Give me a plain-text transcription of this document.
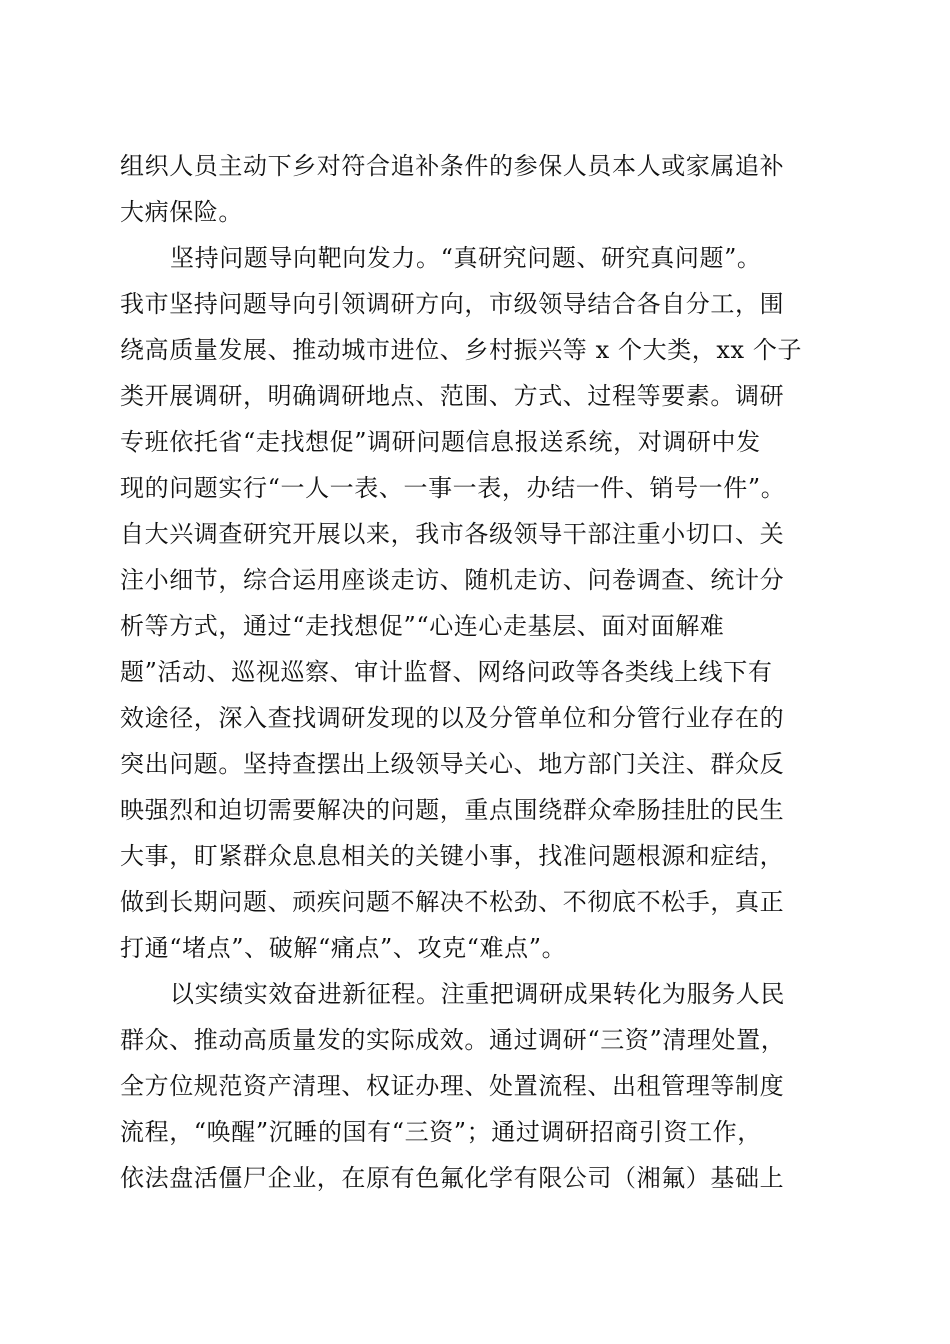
组织人员主动下乡对符合追补条件的参保人员本人或家属追补
大病保险。

坚持问题导向靶向发力。“真研究问题、研究真问题”。
我市坚持问题导向引领调研方向，市级领导结合各自分工，围
绕高质量发展、推动城市进位、乡村振兴等 x 个大类，xx 个子
类开展调研，明确调研地点、范围、方式、过程等要素。调研
专班依托省“走找想促”调研问题信息报送系统，对调研中发
现的问题实行“一人一表、一事一表，办结一件、销号一件”。
自大兴调查研究开展以来，我市各级领导干部注重小切口、关
注小细节，综合运用座谈走访、随机走访、问卷调查、统计分
析等方式，通过“走找想促”“心连心走基层、面对面解难
题”活动、巡视巡察、审计监督、网络问政等各类线上线下有
效途径，深入查找调研发现的以及分管单位和分管行业存在的
突出问题。坚持查摆出上级领导关心、地方部门关注、群众反
映强烈和迫切需要解决的问题，重点围绕群众牵肠挂肚的民生
大事，盯紧群众息息相关的关键小事，找准问题根源和症结，
做到长期问题、顽疾问题不解决不松劲、不彻底不松手，真正
打通“堵点”、破解“痛点”、攻克“难点”。

以实绩实效奋进新征程。注重把调研成果转化为服务人民
群众、推动高质量发的实际成效。通过调研“三资”清理处置，
全方位规范资产清理、权证办理、处置流程、出租管理等制度
流程，“唤醒”沉睡的国有“三资”；通过调研招商引资工作，
依法盘活僵尸企业，在原有色氟化学有限公司（湘氟）基础上
